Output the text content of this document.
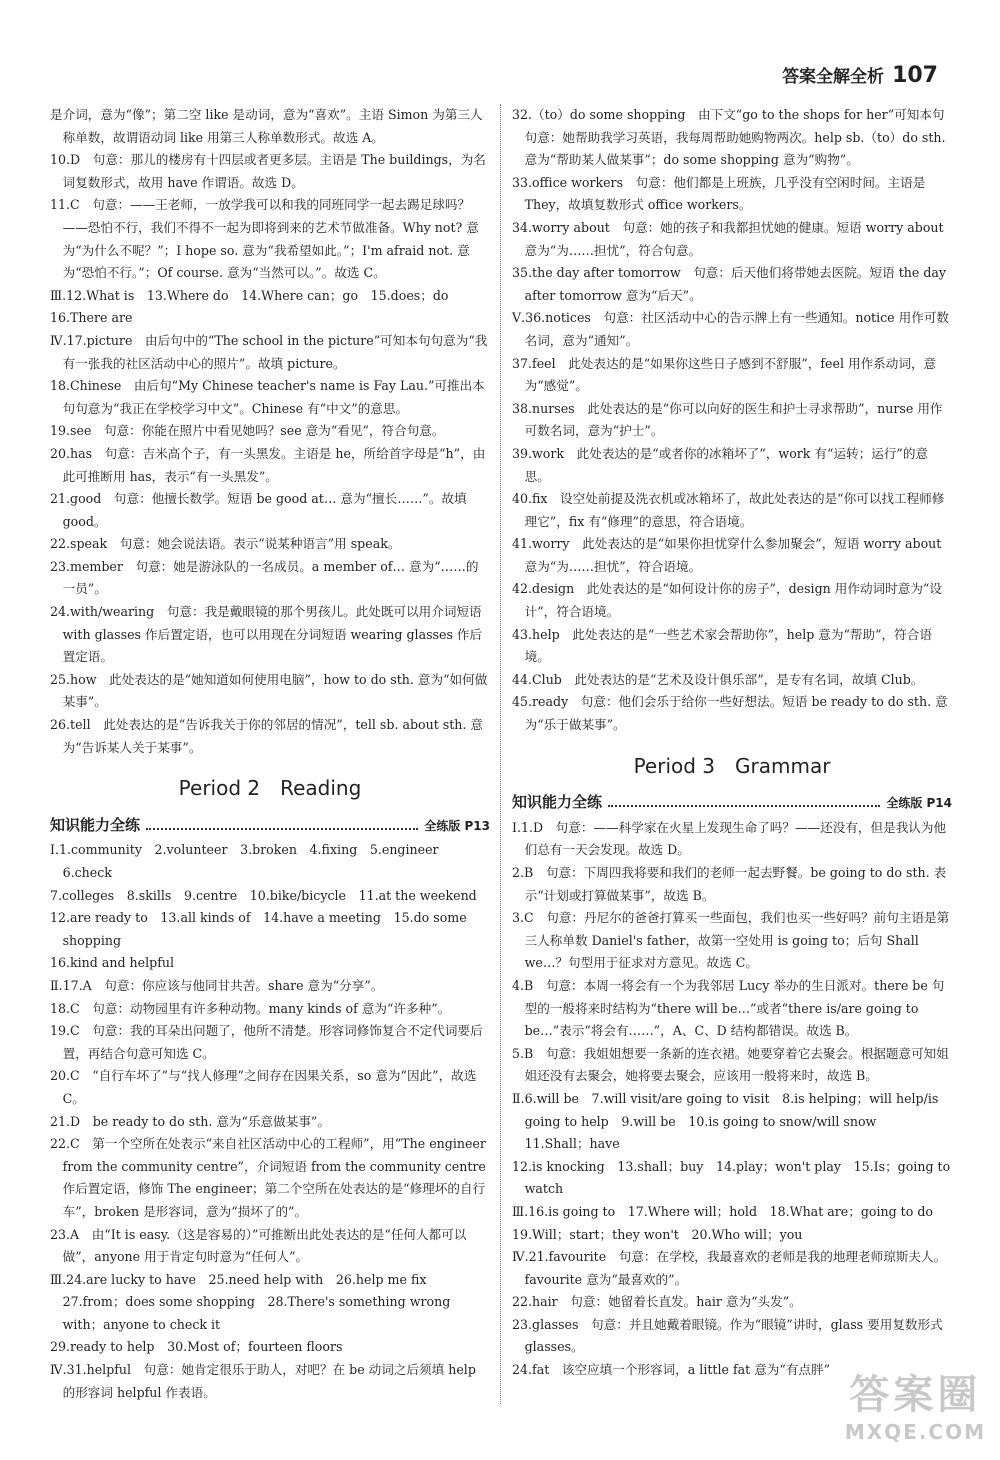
答案全解全析 107

是介词，意为“像”；第二空 like 是动词，意为“喜欢”。主语 Simon 为第三人称单数，故谓语动词 like 用第三人称单数形式。故选 A。

10.D　句意：那儿的楼房有十四层或者更多层。主语是 The buildings，为名词复数形式，故用 have 作谓语。故选 D。

11.C　句意：——王老师，一放学我可以和我的同班同学一起去踢足球吗？——恐怕不行，我们不得不一起为即将到来的艺术节做准备。Why not? 意为“为什么不呢？”；I hope so. 意为“我希望如此。”；I'm afraid not. 意为“恐怕不行。”；Of course. 意为“当然可以。”。故选 C。

Ⅲ.12.What is　13.Where do　14.Where can；go　15.does；do

16.There are

Ⅳ.17.picture　由后句中的“The school in the picture”可知本句句意为“我有一张我的社区活动中心的照片”。故填 picture。

18.Chinese　由后句“My Chinese teacher's name is Fay Lau.”可推出本句句意为“我正在学校学习中文”。Chinese 有“中文”的意思。

19.see　句意：你能在照片中看见她吗？see 意为“看见”，符合句意。

20.has　句意：吉米高个子，有一头黑发。主语是 he，所给首字母是“h”，由此可推断用 has，表示“有一头黑发”。

21.good　句意：他擅长数学。短语 be good at… 意为“擅长……”。故填 good。

22.speak　句意：她会说法语。表示“说某种语言”用 speak。

23.member　句意：她是游泳队的一名成员。a member of… 意为“……的一员”。

24.with/wearing　句意：我是戴眼镜的那个男孩儿。此处既可以用介词短语 with glasses 作后置定语，也可以用现在分词短语 wearing glasses 作后置定语。

25.how　此处表达的是“她知道如何使用电脑”，how to do sth. 意为“如何做某事”。

26.tell　此处表达的是“告诉我关于你的邻居的情况”，tell sb. about sth. 意为“告诉某人关于某事”。

Period 2　Reading
知识能力全练	全练版 P13

Ⅰ.1.community　2.volunteer　3.broken　4.fixing　5.engineer　6.check

7.colleges　8.skills　9.centre　10.bike/bicycle　11.at the weekend

12.are ready to　13.all kinds of　14.have a meeting　15.do some shopping

16.kind and helpful

Ⅱ.17.A　句意：你应该与他同甘共苦。share 意为“分享”。

18.C　句意：动物园里有许多种动物。many kinds of 意为“许多种”。

19.C　句意：我的耳朵出问题了，他所不清楚。形容词修饰复合不定代词要后置，再结合句意可知选 C。

20.C　“自行车坏了”与“找人修理”之间存在因果关系，so 意为“因此”，故选 C。

21.D　be ready to do sth. 意为“乐意做某事”。

22.C　第一个空所在处表示“来自社区活动中心的工程师”，用“The engineer from the community centre”，介词短语 from the community centre 作后置定语，修饰 The engineer；第二个空所在处表达的是“修理坏的自行车”，broken 是形容词，意为“损坏了的”。

23.A　由“It is easy.（这是容易的）”可推断出此处表达的是“任何人都可以做”，anyone 用于肯定句时意为“任何人”。

Ⅲ.24.are lucky to have　25.need help with　26.help me fix　27.from；does some shopping　28.There's something wrong with；anyone to check it

29.ready to help　30.Most of；fourteen floors

Ⅳ.31.helpful　句意：她肯定很乐于助人，对吧？在 be 动词之后须填 help 的形容词 helpful 作表语。

32.（to）do some shopping　由下文“go to the shops for her”可知本句句意：她帮助我学习英语，我每周帮助她购物两次。help sb.（to）do sth. 意为“帮助某人做某事”；do some shopping 意为“购物”。

33.office workers　句意：他们都是上班族，几乎没有空闲时间。主语是 They，故填复数形式 office workers。

34.worry about　句意：她的孩子和我都担忧她的健康。短语 worry about 意为“为……担忧”，符合句意。

35.the day after tomorrow　句意：后天他们将带她去医院。短语 the day after tomorrow 意为“后天”。

Ⅴ.36.notices　句意：社区活动中心的告示牌上有一些通知。notice 用作可数名词，意为“通知”。

37.feel　此处表达的是“如果你这些日子感到不舒服”，feel 用作系动词，意为“感觉”。

38.nurses　此处表达的是“你可以向好的医生和护士寻求帮助”，nurse 用作可数名词，意为“护士”。

39.work　此处表达的是“或者你的冰箱坏了”，work 有“运转；运行”的意思。

40.fix　设空处前提及洗衣机或冰箱坏了，故此处表达的是“你可以找工程师修理它”，fix 有“修理”的意思，符合语境。

41.worry　此处表达的是“如果你担忧穿什么参加聚会”，短语 worry about 意为“为……担忧”，符合语境。

42.design　此处表达的是“如何设计你的房子”，design 用作动词时意为“设计”，符合语境。

43.help　此处表达的是“一些艺术家会帮助你”，help 意为“帮助”，符合语境。

44.Club　此处表达的是“艺术及设计俱乐部”，是专有名词，故填 Club。

45.ready　句意：他们会乐于给你一些好想法。短语 be ready to do sth. 意为“乐于做某事”。

Period 3　Grammar
知识能力全练	全练版 P14

Ⅰ.1.D　句意：——科学家在火星上发现生命了吗？——还没有，但是我认为他们总有一天会发现。故选 D。

2.B　句意：下周四我将要和我们的老师一起去野餐。be going to do sth. 表示“计划或打算做某事”，故选 B。

3.C　句意：丹尼尔的爸爸打算买一些面包，我们也买一些好吗？前句主语是第三人称单数 Daniel's father，故第一空处用 is going to；后句 Shall we…？句型用于征求对方意见。故选 C。

4.B　句意：本周一将会有一个为我邻居 Lucy 举办的生日派对。there be 句型的一般将来时结构为“there will be…”或者“there is/are going to be…”表示“将会有……”，A、C、D 结构都错误。故选 B。

5.B　句意：我姐姐想要一条新的连衣裙。她要穿着它去聚会。根据题意可知姐姐还没有去聚会，她将要去聚会，应该用一般将来时，故选 B。

Ⅱ.6.will be　7.will visit/are going to visit　8.is helping；will help/is going to help　9.will be　10.is going to snow/will snow　11.Shall；have

12.is knocking　13.shall；buy　14.play；won't play　15.Is；going to watch

Ⅲ.16.is going to　17.Where will；hold　18.What are；going to do

19.Will；start；they won't　20.Who will；you

Ⅳ.21.favourite　句意：在学校，我最喜欢的老师是我的地理老师琼斯夫人。favourite 意为“最喜欢的”。

22.hair　句意：她留着长直发。hair 意为“头发”。

23.glasses　句意：并且她戴着眼镜。作为“眼镜”讲时，glass 要用复数形式 glasses。

24.fat　该空应填一个形容词，a little fat 意为“有点胖”

答案圈
MXQE.COM
